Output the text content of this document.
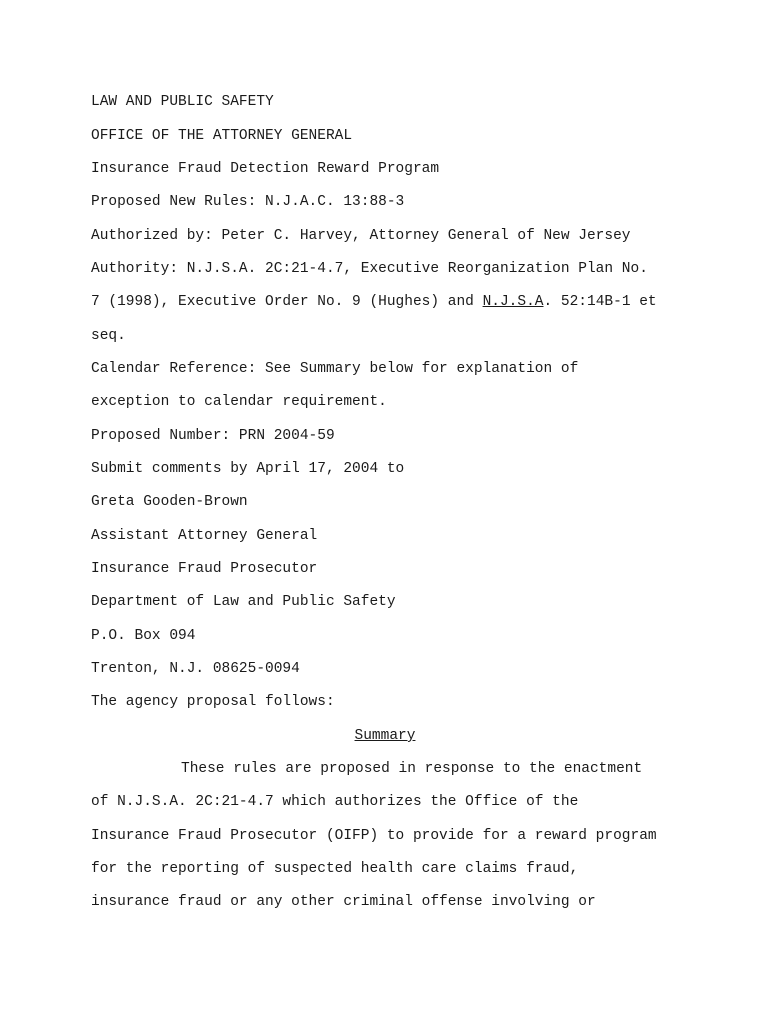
LAW AND PUBLIC SAFETY
OFFICE OF THE ATTORNEY GENERAL
Insurance Fraud Detection Reward Program
Proposed New Rules: N.J.A.C. 13:88-3
Authorized by: Peter C. Harvey, Attorney General of New Jersey
Authority: N.J.S.A. 2C:21-4.7, Executive Reorganization Plan No.
7 (1998), Executive Order No. 9 (Hughes) and N.J.S.A. 52:14B-1 et
seq.
Calendar Reference: See Summary below for explanation of
exception to calendar requirement.
Proposed Number: PRN 2004-59
Submit comments by April 17, 2004 to
Greta Gooden-Brown
Assistant Attorney General
Insurance Fraud Prosecutor
Department of Law and Public Safety
P.O. Box 094
Trenton, N.J. 08625-0094
The agency proposal follows:
Summary
These rules are proposed in response to the enactment
of N.J.S.A. 2C:21-4.7 which authorizes the Office of the
Insurance Fraud Prosecutor (OIFP) to provide for a reward program
for the reporting of suspected health care claims fraud,
insurance fraud or any other criminal offense involving or
